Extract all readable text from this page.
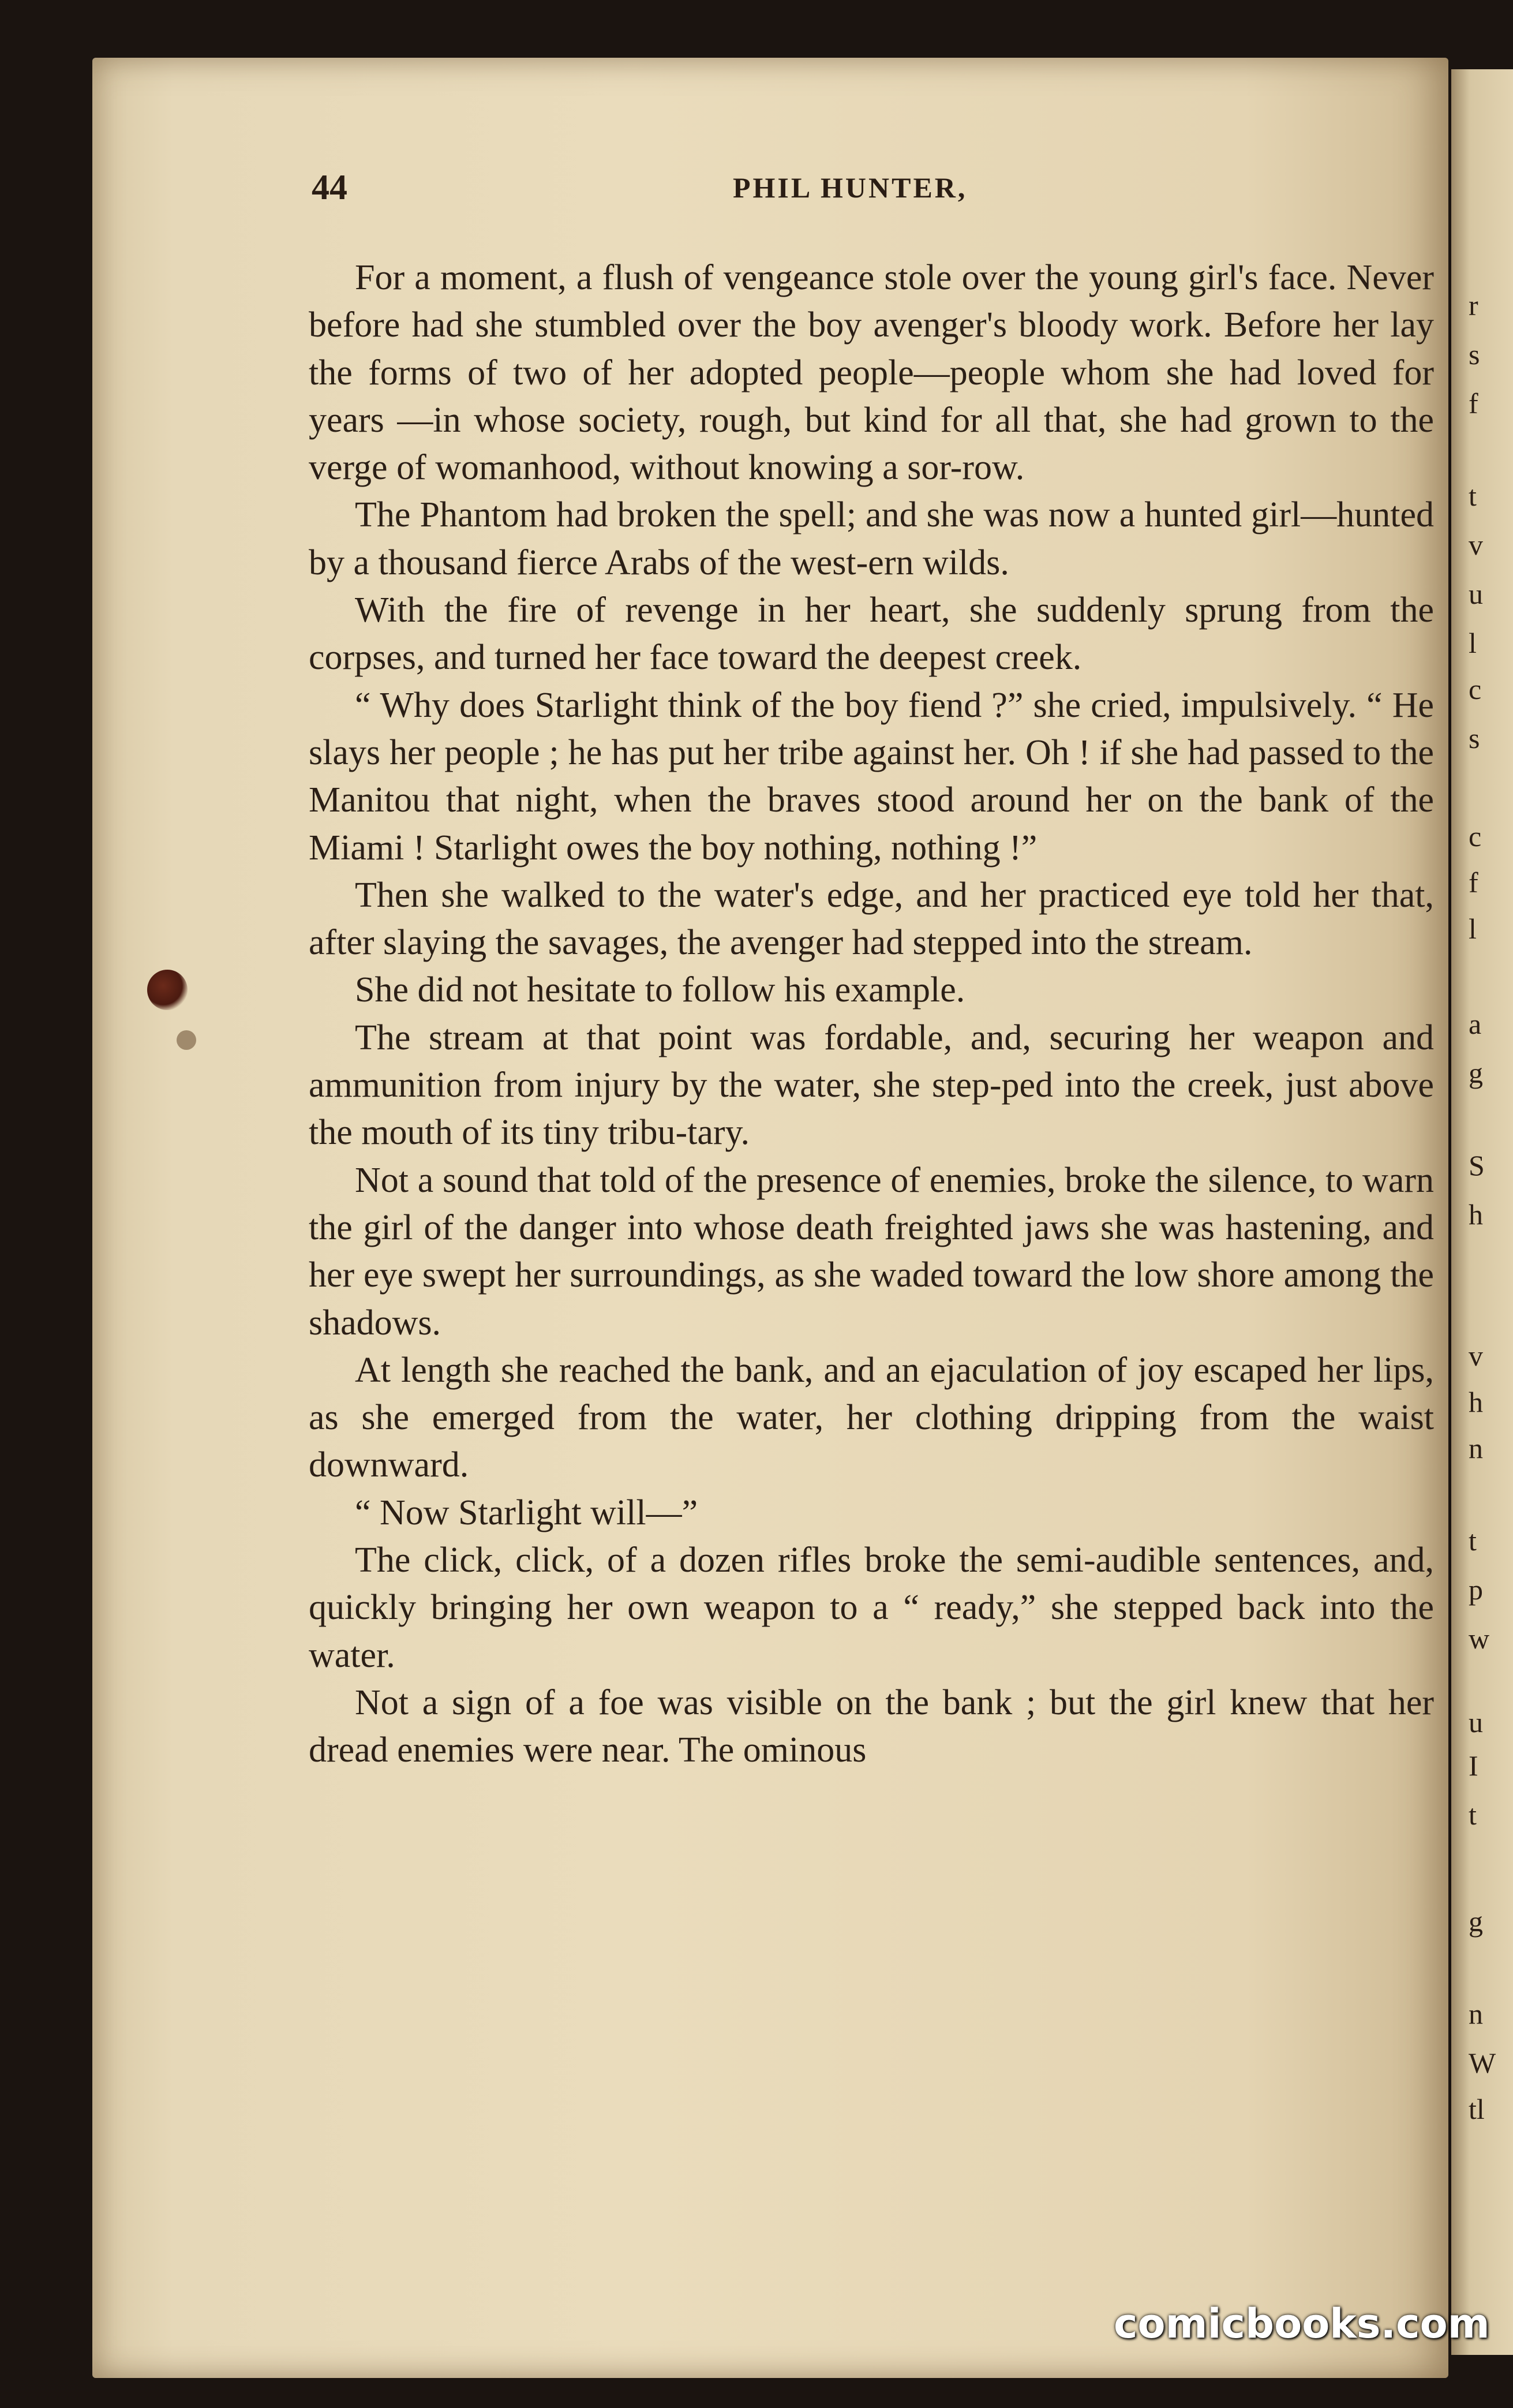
44	PHIL HUNTER,

For a moment, a flush of vengeance stole over the young girl's face. Never before had she stumbled over the boy avenger's bloody work. Before her lay the forms of two of her adopted people—people whom she had loved for years —in whose society, rough, but kind for all that, she had grown to the verge of womanhood, without knowing a sor-row.

The Phantom had broken the spell; and she was now a hunted girl—hunted by a thousand fierce Arabs of the west-ern wilds.

With the fire of revenge in her heart, she suddenly sprung from the corpses, and turned her face toward the deepest creek.

“ Why does Starlight think of the boy fiend ?” she cried, impulsively. “ He slays her people ; he has put her tribe against her. Oh ! if she had passed to the Manitou that night, when the braves stood around her on the bank of the Miami ! Starlight owes the boy nothing, nothing !”

Then she walked to the water's edge, and her practiced eye told her that, after slaying the savages, the avenger had stepped into the stream.

She did not hesitate to follow his example.

The stream at that point was fordable, and, securing her weapon and ammunition from injury by the water, she step-ped into the creek, just above the mouth of its tiny tribu-tary.

Not a sound that told of the presence of enemies, broke the silence, to warn the girl of the danger into whose death freighted jaws she was hastening, and her eye swept her surroundings, as she waded toward the low shore among the shadows.

At length she reached the bank, and an ejaculation of joy escaped her lips, as she emerged from the water, her clothing dripping from the waist downward.

“ Now Starlight will—”

The click, click, of a dozen rifles broke the semi-audible sentences, and, quickly bringing her own weapon to a “ ready,” she stepped back into the water.

Not a sign of a foe was visible on the bank ; but the girl knew that her dread enemies were near. The ominous

r
s
f
t
v
u
l
c
s
c
f
l
a
g
S
h
v
h
n
t
p
w
u
I
t
g
n
W
tl
comicbooks.com
